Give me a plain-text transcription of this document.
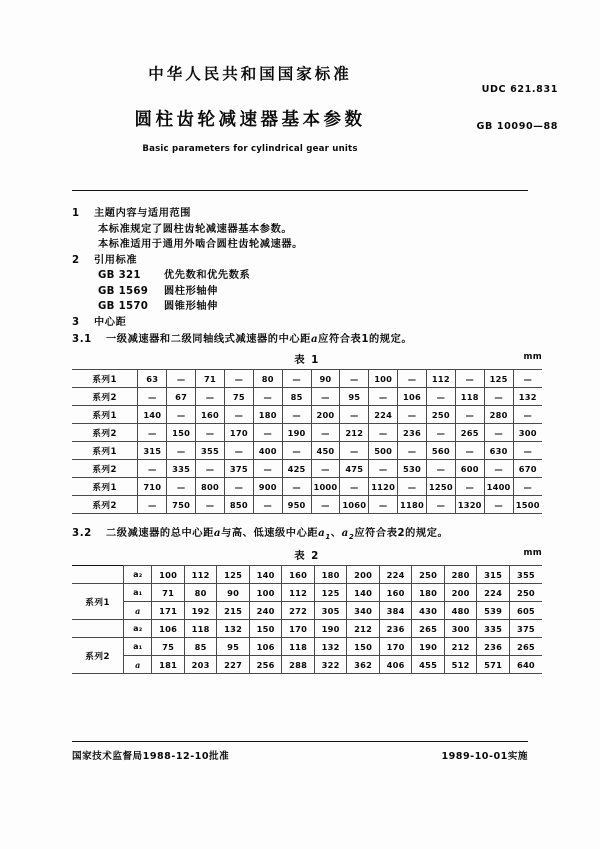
中华人民共和国国家标准
圆柱齿轮减速器基本参数
Basic parameters for cylindrical gear units
UDC 621.831
GB 10090—88
1 主题内容与适用范围
本标准规定了圆柱齿轮减速器基本参数。
本标准适用于通用外啮合圆柱齿轮减速器。
2 引用标准
GB 321 优先数和优先数系
GB 1569 圆柱形轴伸
GB 1570 圆锥形轴伸
3 中心距
3.1 一级减速器和二级同轴线式减速器的中心距a应符合表1的规定。
表 1	mm
系列1	63	—	71	—	80	—	90	—	100	—	112	—	125	—
系列2	—	67	—	75	—	85	—	95	—	106	—	118	—	132
系列1	140	—	160	—	180	—	200	—	224	—	250	—	280	—
系列2	—	150	—	170	—	190	—	212	—	236	—	265	—	300
系列1	315	—	355	—	400	—	450	—	500	—	560	—	630	—
系列2	—	335	—	375	—	425	—	475	—	530	—	600	—	670
系列1	710	—	800	—	900	—	1000	—	1120	—	1250	—	1400	—
系列2	—	750	—	850	—	950	—	1060	—	1180	—	1320	—	1500
3.2 二级减速器的总中心距a与高、低速级中心距$a_1$、$a_2$应符合表2的规定。
表 2	mm
	a₂	100	112	125	140	160	180	200	224	250	280	315	355
系列1	a₁	71	80	90	100	112	125	140	160	180	200	224	250
	a	171	192	215	240	272	305	340	384	430	480	539	605
	a₂	106	118	132	150	170	190	212	236	265	300	335	375
系列2	a₁	75	85	95	106	118	132	150	170	190	212	236	265
	a	181	203	227	256	288	322	362	406	455	512	571	640
国家技术监督局1988-12-10批准	1989-10-01实施
